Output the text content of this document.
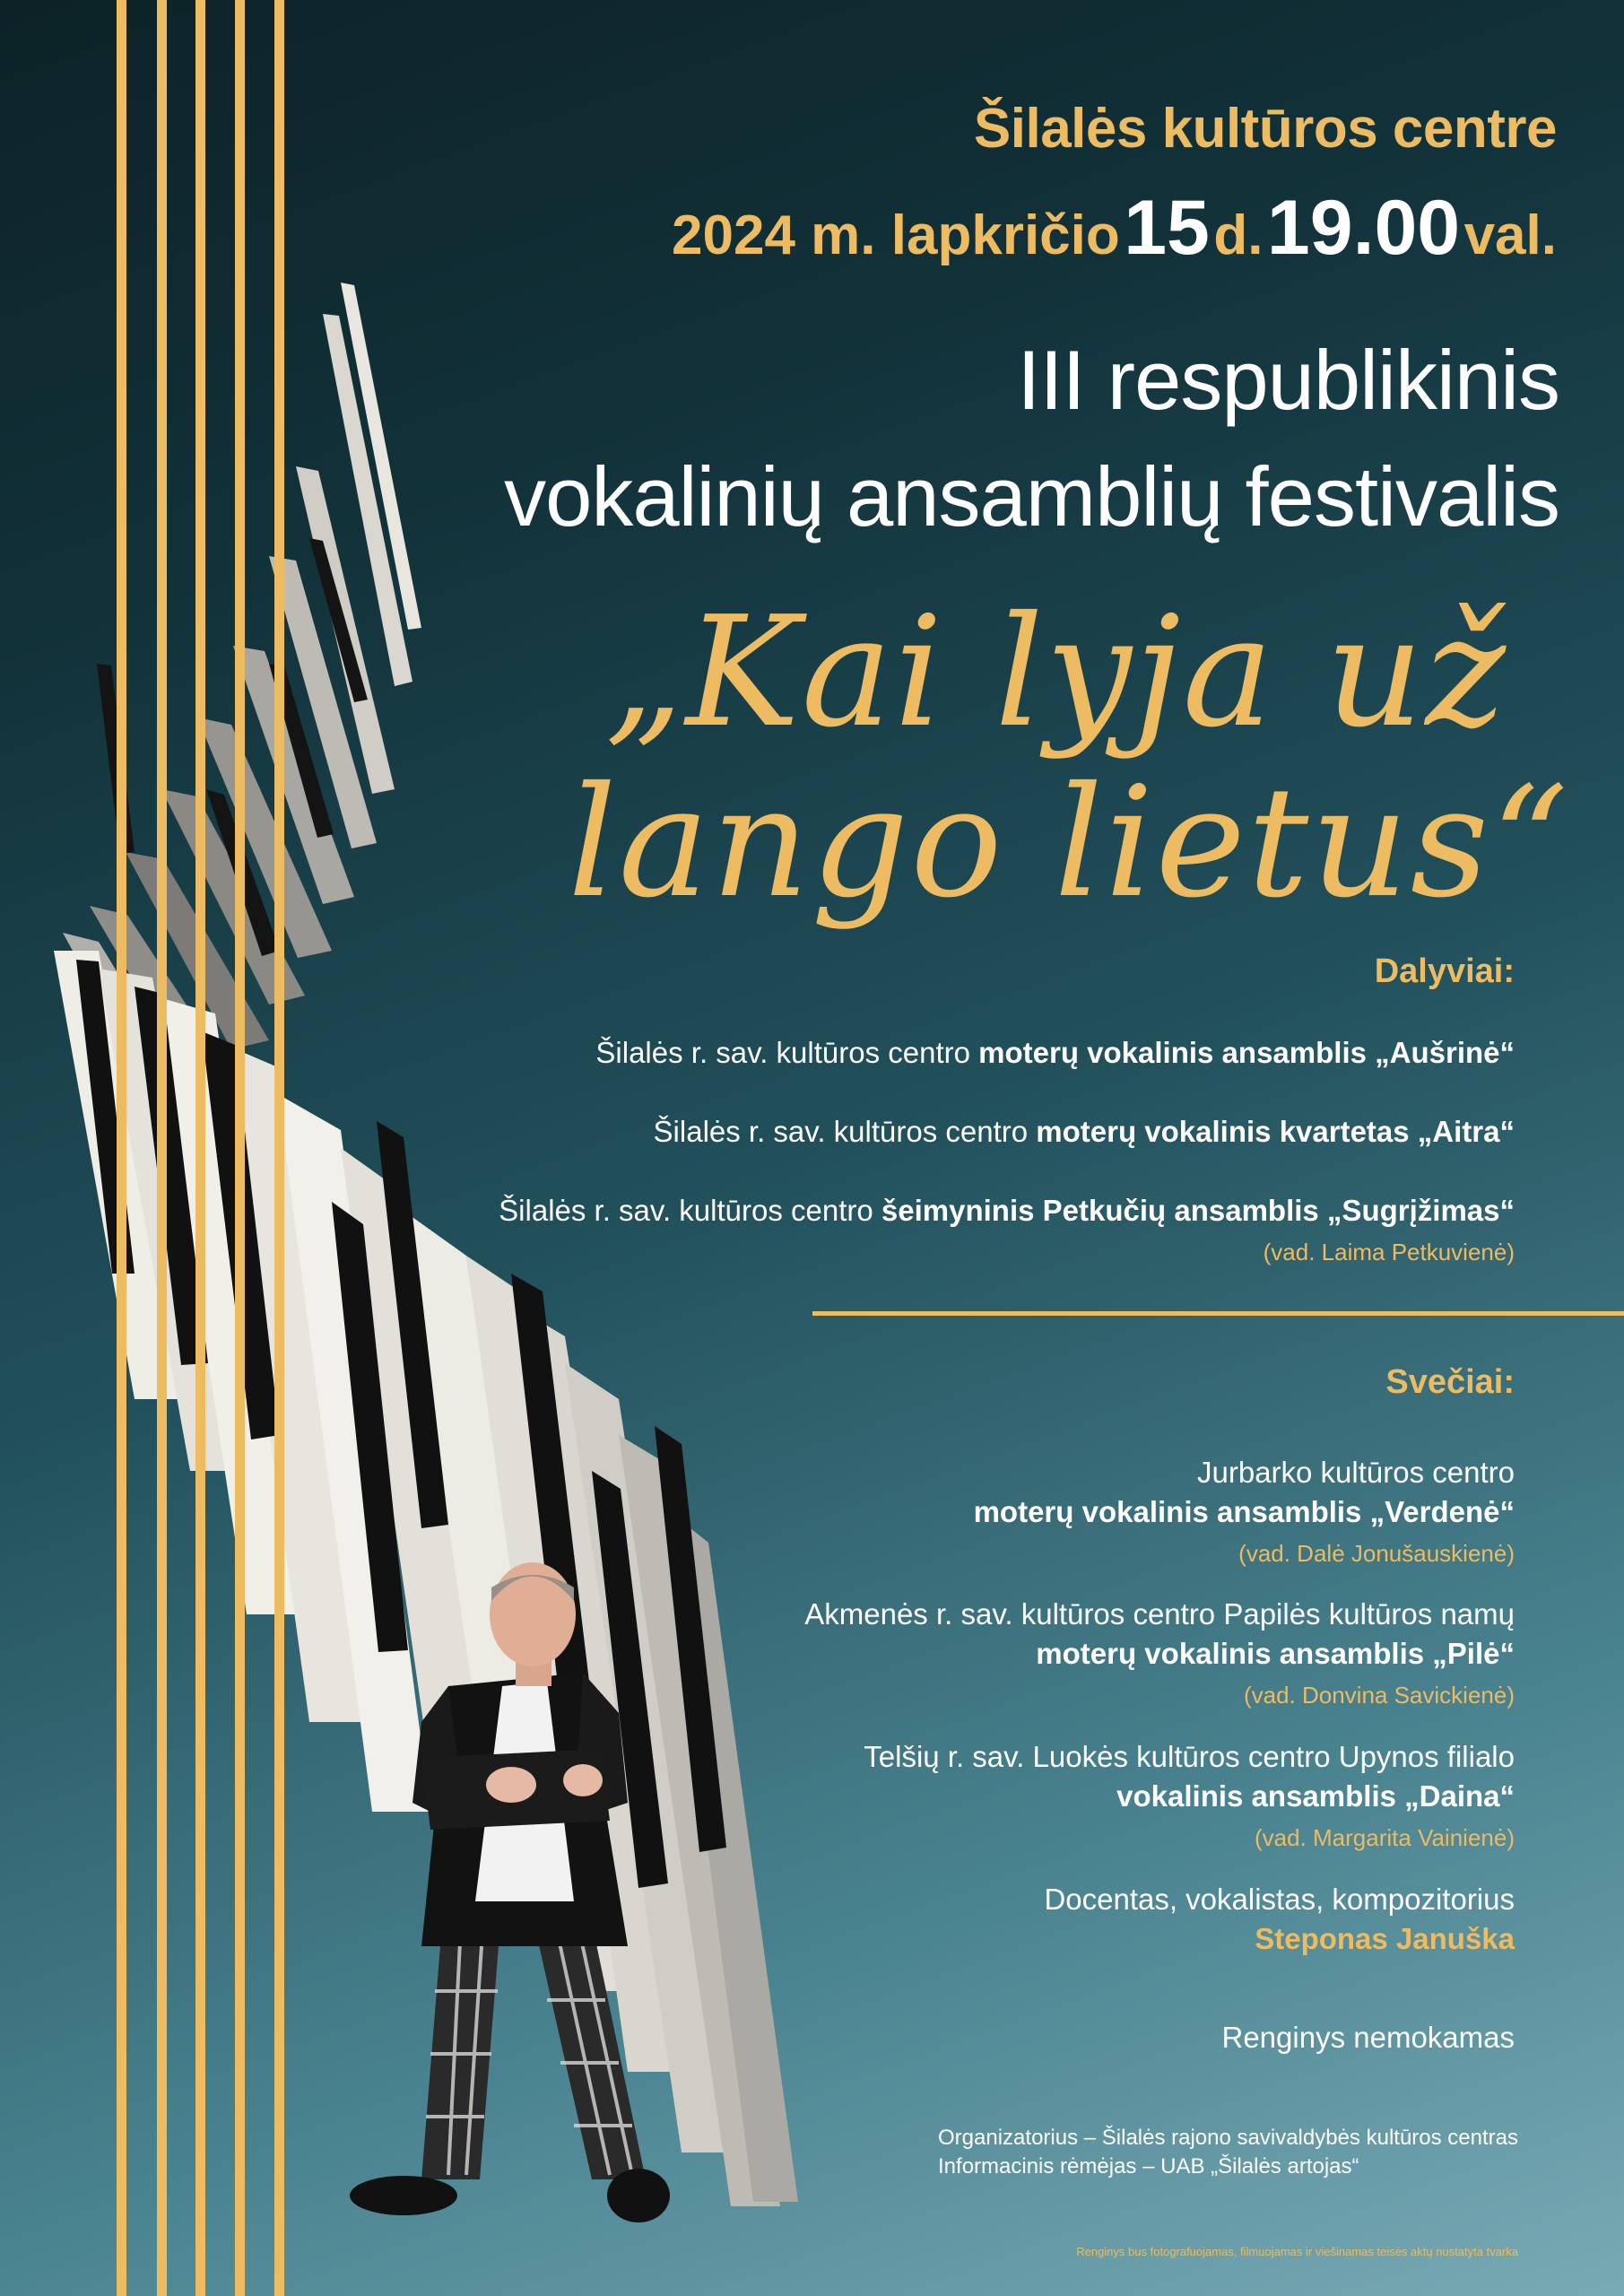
Šilalės kultūros centre
2024 m. lapkričio 15 d. 19.00 val.
III respublikinis
vokalinių ansamblių festivalis
„Kai lyja už
lango lietus“
Dalyviai:
Šilalės r. sav. kultūros centro moterų vokalinis ansamblis „Aušrinė“
Šilalės r. sav. kultūros centro moterų vokalinis kvartetas „Aitra“
Šilalės r. sav. kultūros centro šeimyninis Petkučių ansamblis „Sugrįžimas“
(vad. Laima Petkuvienė)
Svečiai:
Jurbarko kultūros centro
moterų vokalinis ansamblis „Verdenė“
(vad. Dalė Jonušauskienė)
Akmenės r. sav. kultūros centro Papilės kultūros namų
moterų vokalinis ansamblis „Pilė“
(vad. Donvina Savickienė)
Telšių r. sav. Luokės kultūros centro Upynos filialo
vokalinis ansamblis „Daina“
(vad. Margarita Vainienė)
Docentas, vokalistas, kompozitorius
Steponas Januška
Renginys nemokamas
Organizatorius – Šilalės rajono savivaldybės kultūros centras
Informacinis rėmėjas – UAB „Šilalės artojas“
Renginys bus fotografuojamas, filmuojamas ir viešinamas teisės aktų nustatyta tvarka
